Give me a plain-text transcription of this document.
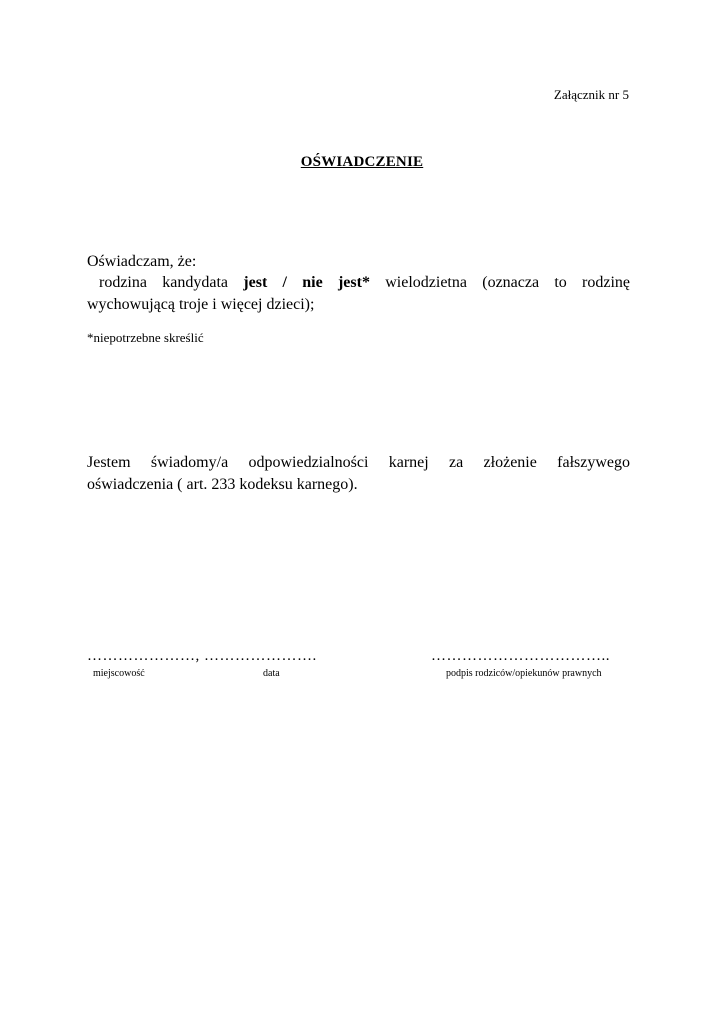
Załącznik nr 5
OŚWIADCZENIE
Oświadczam, że:
rodzina kandydata jest / nie jest* wielodzietna (oznacza to rodzinę
wychowującą troje i więcej dzieci);
*niepotrzebne skreślić
Jestem świadomy/a odpowiedzialności karnej za złożenie fałszywego
oświadczenia ( art. 233 kodeksu karnego).
…………………, ………………….	……………………………..
miejscowość	data	podpis rodziców/opiekunów prawnych
